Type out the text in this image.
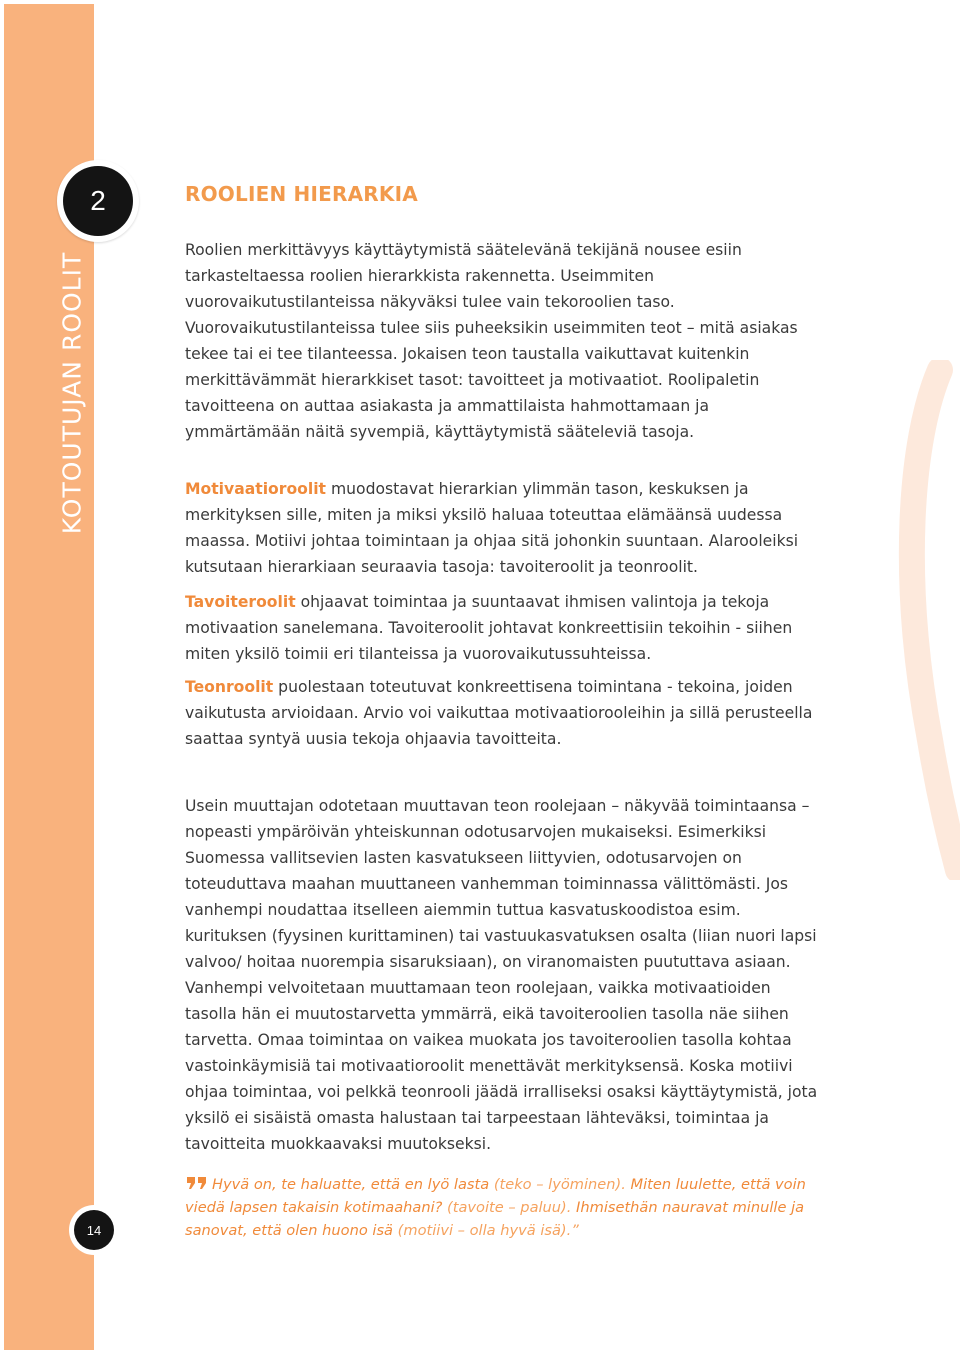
KOTOUTUJAN ROOLIT
2
14
ROOLIEN HIERARKIA
Roolien merkittävyys käyttäytymistä säätelevänä tekijänä nousee esiin tarkasteltaessa roolien hierarkkista rakennetta. Useimmiten vuorovaikutustilanteissa näkyväksi tulee vain tekoroolien taso. Vuorovaikutustilanteissa tulee siis puheeksikin useimmiten teot – mitä asiakas tekee tai ei tee tilanteessa. Jokaisen teon taustalla vaikuttavat kuitenkin merkittävämmät hierarkkiset tasot: tavoitteet ja motivaatiot. Roolipaletin tavoitteena on auttaa asiakasta ja ammattilaista hahmottamaan ja ymmärtämään näitä syvempiä, käyttäytymistä sääteleviä tasoja.
Motivaatioroolit muodostavat hierarkian ylimmän tason, keskuksen ja merkityksen sille, miten ja miksi yksilö haluaa toteuttaa elämäänsä uudessa maassa. Motiivi johtaa toimintaan ja ohjaa sitä johonkin suuntaan. Alarooleiksi kutsutaan hierarkiaan seuraavia tasoja: tavoiteroolit ja teonroolit.
Tavoiteroolit ohjaavat toimintaa ja suuntaavat ihmisen valintoja ja tekoja motivaation sanelemana. Tavoiteroolit johtavat konkreettisiin tekoihin - siihen miten yksilö toimii eri tilanteissa ja vuorovaikutussuhteissa.
Teonroolit puolestaan toteutuvat konkreettisena toimintana - tekoina, joiden vaikutusta arvioidaan. Arvio voi vaikuttaa motivaatiorooleihin ja sillä perusteella saattaa syntyä uusia tekoja ohjaavia tavoitteita.
Usein muuttajan odotetaan muuttavan teon roolejaan – näkyvää toimintaansa – nopeasti ympäröivän yhteiskunnan odotusarvojen mukaiseksi. Esimerkiksi Suomessa vallitsevien lasten kasvatukseen liittyvien, odotusarvojen on toteuduttava maahan muuttaneen vanhemman toiminnassa välittömästi. Jos vanhempi noudattaa itselleen aiemmin tuttua kasvatuskoodistoa esim. kurituksen (fyysinen kurittaminen) tai vastuukasvatuksen osalta (liian nuori lapsi valvoo/ hoitaa nuorempia sisaruksiaan), on viranomaisten puututtava asiaan. Vanhempi velvoitetaan muuttamaan teon roolejaan, vaikka motivaatioiden tasolla hän ei muutostarvetta ymmärrä, eikä tavoiteroolien tasolla näe siihen tarvetta. Omaa toimintaa on vaikea muokata jos tavoiteroolien tasolla kohtaa vastoinkäymisiä tai motivaatioroolit menettävät merkityksensä. Koska motiivi ohjaa toimintaa, voi pelkkä teonrooli jäädä irralliseksi osaksi käyttäytymistä, jota yksilö ei sisäistä omasta halustaan tai tarpeestaan lähteväksi, toimintaa ja tavoitteita muokkaavaksi muutokseksi.
Hyvä on, te haluatte, että en lyö lasta (teko – lyöminen). Miten luulette, että voin viedä lapsen takaisin kotimaahani? (tavoite – paluu). Ihmisethän nauravat minulle ja sanovat, että olen huono isä (motiivi – olla hyvä isä).”
